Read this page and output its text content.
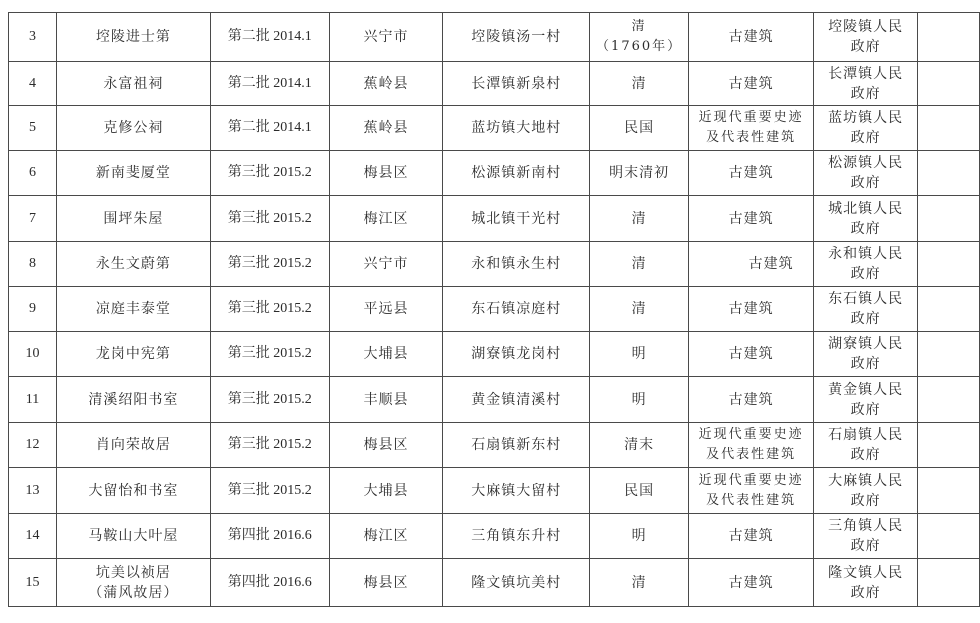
3	埪陵进士第	第二批 2014.1	兴宁市	埪陵镇汤一村	清
（1760年）	古建筑	埪陵镇人民
政府	

4	永富祖祠	第二批 2014.1	蕉岭县	长潭镇新泉村	清	古建筑	长潭镇人民
政府	

5	克修公祠	第二批 2014.1	蕉岭县	蓝坊镇大地村	民国	近现代重要史迹
及代表性建筑	蓝坊镇人民
政府	

6	新南斐厦堂	第三批 2015.2	梅县区	松源镇新南村	明末清初	古建筑	松源镇人民
政府	

7	围坪朱屋	第三批 2015.2	梅江区	城北镇干光村	清	古建筑	城北镇人民
政府	

8	永生文蔚第	第三批 2015.2	兴宁市	永和镇永生村	清	古建筑	永和镇人民
政府	

9	凉庭丰泰堂	第三批 2015.2	平远县	东石镇凉庭村	清	古建筑	东石镇人民
政府	

10	龙岗中宪第	第三批 2015.2	大埔县	湖寮镇龙岗村	明	古建筑	湖寮镇人民
政府	

11	清溪绍阳书室	第三批 2015.2	丰顺县	黄金镇清溪村	明	古建筑	黄金镇人民
政府	

12	肖向荣故居	第三批 2015.2	梅县区	石扇镇新东村	清末	近现代重要史迹
及代表性建筑	石扇镇人民
政府	

13	大留怡和书室	第三批 2015.2	大埔县	大麻镇大留村	民国	近现代重要史迹
及代表性建筑	大麻镇人民
政府	

14	马鞍山大叶屋	第四批 2016.6	梅江区	三角镇东升村	明	古建筑	三角镇人民
政府	

15	坑美以祯居
（蒲风故居）	第四批 2016.6	梅县区	隆文镇坑美村	清	古建筑	隆文镇人民
政府	
